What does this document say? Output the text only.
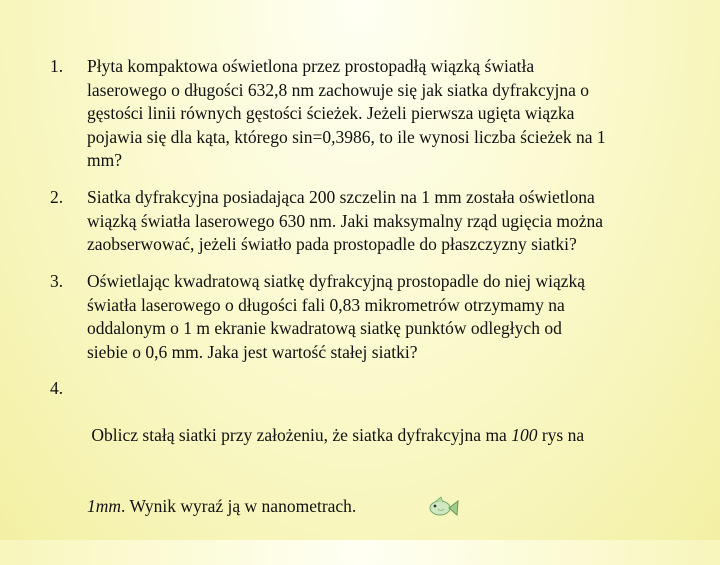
1. Płyta kompaktowa oświetlona przez prostopadłą wiązką światła
laserowego o długości 632,8 nm zachowuje się jak siatka dyfrakcyjna o
gęstości linii równych gęstości ścieżek. Jeżeli pierwsza ugięta wiązka
pojawia się dla kąta, którego sin=0,3986, to ile wynosi liczba ścieżek na 1
mm?
2. Siatka dyfrakcyjna posiadająca 200 szczelin na 1 mm została oświetlona
wiązką światła laserowego 630 nm. Jaki maksymalny rząd ugięcia można
zaobserwować, jeżeli światło pada prostopadle do płaszczyzny siatki?
3. Oświetlając kwadratową siatkę dyfrakcyjną prostopadle do niej wiązką
światła laserowego o długości fali 0,83 mikrometrów otrzymamy na
oddalonym o 1 m ekranie kwadratową siatkę punktów odległych od
siebie o 0,6 mm. Jaka jest wartość stałej siatki?
4.

Oblicz stałą siatki przy założeniu, że siatka dyfrakcyjna ma 100 rys na

1mm. Wynik wyraź ją w nanometrach.
